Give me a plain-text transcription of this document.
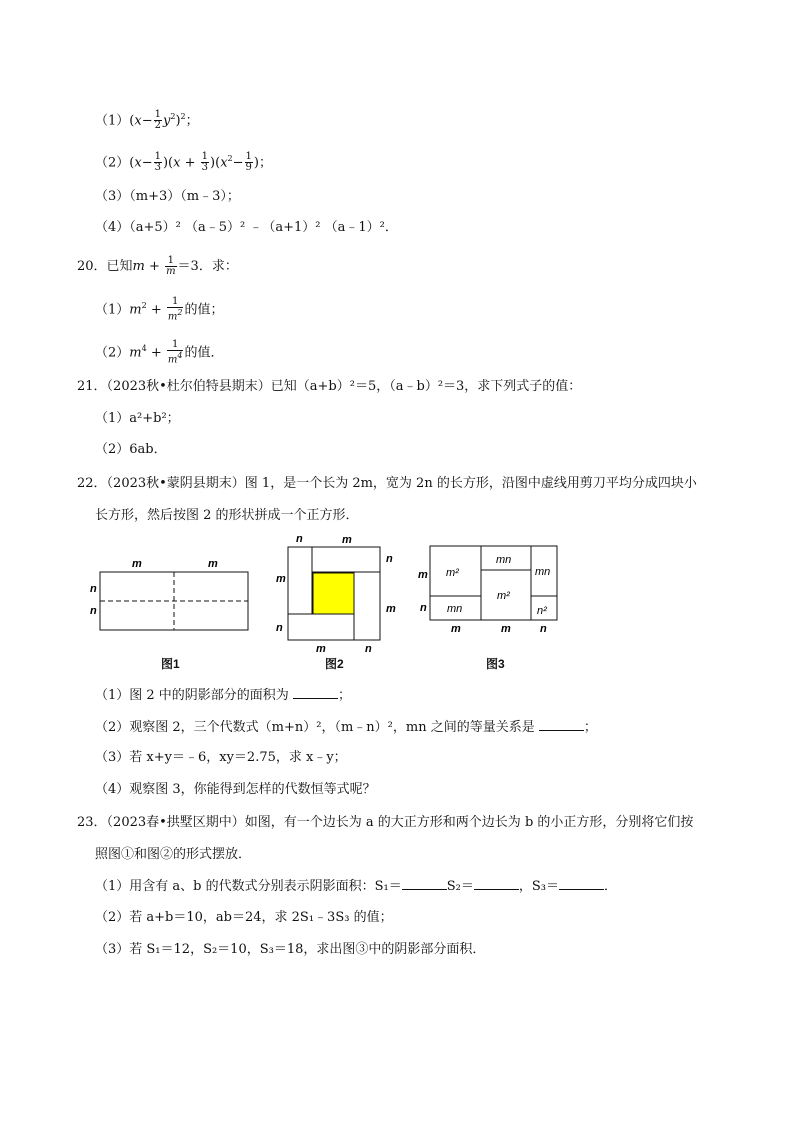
$(1)(x- \frac{1}{2} y^2)^2$；
$(2)(x- \frac{1}{3} )(x + \frac{1}{3} )(x^2- \frac{1}{9}$ )；
（3）（m+3）（m﹣3）；
（4）（a+5）² （a﹣5）² ﹣（a+1）² （a﹣1）²．
20．已知$m + \frac{1}{m} =3$．求：
$(1)m^2 + \frac{1}{m^2}$ 的值；
$(2)m^4 + \frac{1}{m^4}$ 的值．
21．（2023秋•杜尔伯特县期末）已知（a+b）²＝5，（a﹣b）²＝3，求下列式子的值：
（1）a²+b²；
（2）6ab．
22．（2023秋•蒙阴县期末）图 1，是一个长为 2m，宽为 2n 的长方形，沿图中虚线用剪刀平均分成四块小
长方形，然后按图 2 的形状拼成一个正方形．
m	m
n
n
n	m
m
n
n
m
m	n
m²
mn
m²
mn
mn	n²
m
n
m	m	n
图1	图2	图3
（1）图 2 中的阴影部分的面积为	；
（2）观察图 2，三个代数式（m+n）²，（m﹣n）²，mn 之间的等量关系是	；
（3）若 x+y＝﹣6，xy＝2.75，求 x﹣y；
（4）观察图 3，你能得到怎样的代数恒等式呢？
23．（2023春•拱墅区期中）如图，有一个边长为 a 的大正方形和两个边长为 b 的小正方形，分别将它们按
照图①和图②的形式摆放．
（1）用含有 a、b 的代数式分别表示阴影面积：S₁＝	S₂＝	，S₃＝	．
（2）若 a+b＝10，ab＝24，求 2S₁﹣3S₃ 的值；
（3）若 S₁＝12，S₂＝10，S₃＝18，求出图③中的阴影部分面积．
